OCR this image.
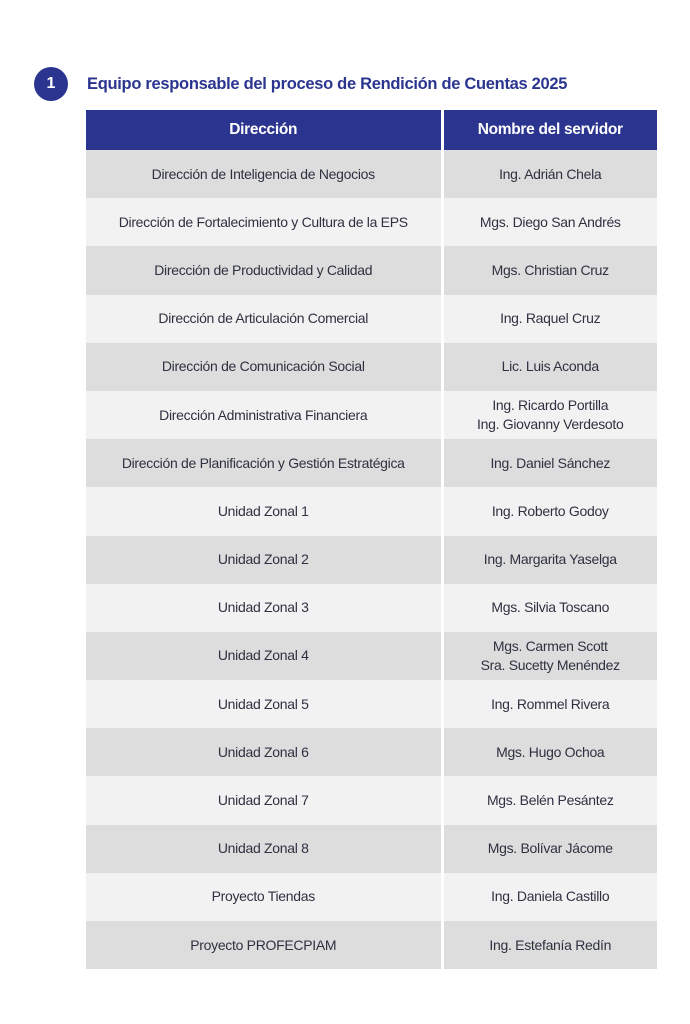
1	Equipo responsable del proceso de Rendición de Cuentas 2025
Dirección	Nombre del servidor
Dirección de Inteligencia de Negocios	Ing. Adrián Chela

Dirección de Fortalecimiento y Cultura de la EPS	Mgs. Diego San Andrés

Dirección de Productividad y Calidad	Mgs. Christian Cruz

Dirección de Articulación Comercial	Ing. Raquel Cruz

Dirección de Comunicación Social	Lic. Luis Aconda

Dirección Administrativa Financiera	Ing. Ricardo Portilla
Ing. Giovanny Verdesoto

Dirección de Planificación y Gestión Estratégica	Ing. Daniel Sánchez

Unidad Zonal 1	Ing. Roberto Godoy

Unidad Zonal 2	Ing. Margarita Yaselga

Unidad Zonal 3	Mgs. Silvia Toscano

Unidad Zonal 4	Mgs. Carmen Scott
Sra. Sucetty Menéndez

Unidad Zonal 5	Ing. Rommel Rivera

Unidad Zonal 6	Mgs. Hugo Ochoa

Unidad Zonal 7	Mgs. Belén Pesántez

Unidad Zonal 8	Mgs. Bolívar Jácome

Proyecto Tiendas	Ing. Daniela Castillo

Proyecto PROFECPIAM	Ing. Estefanía Redín
